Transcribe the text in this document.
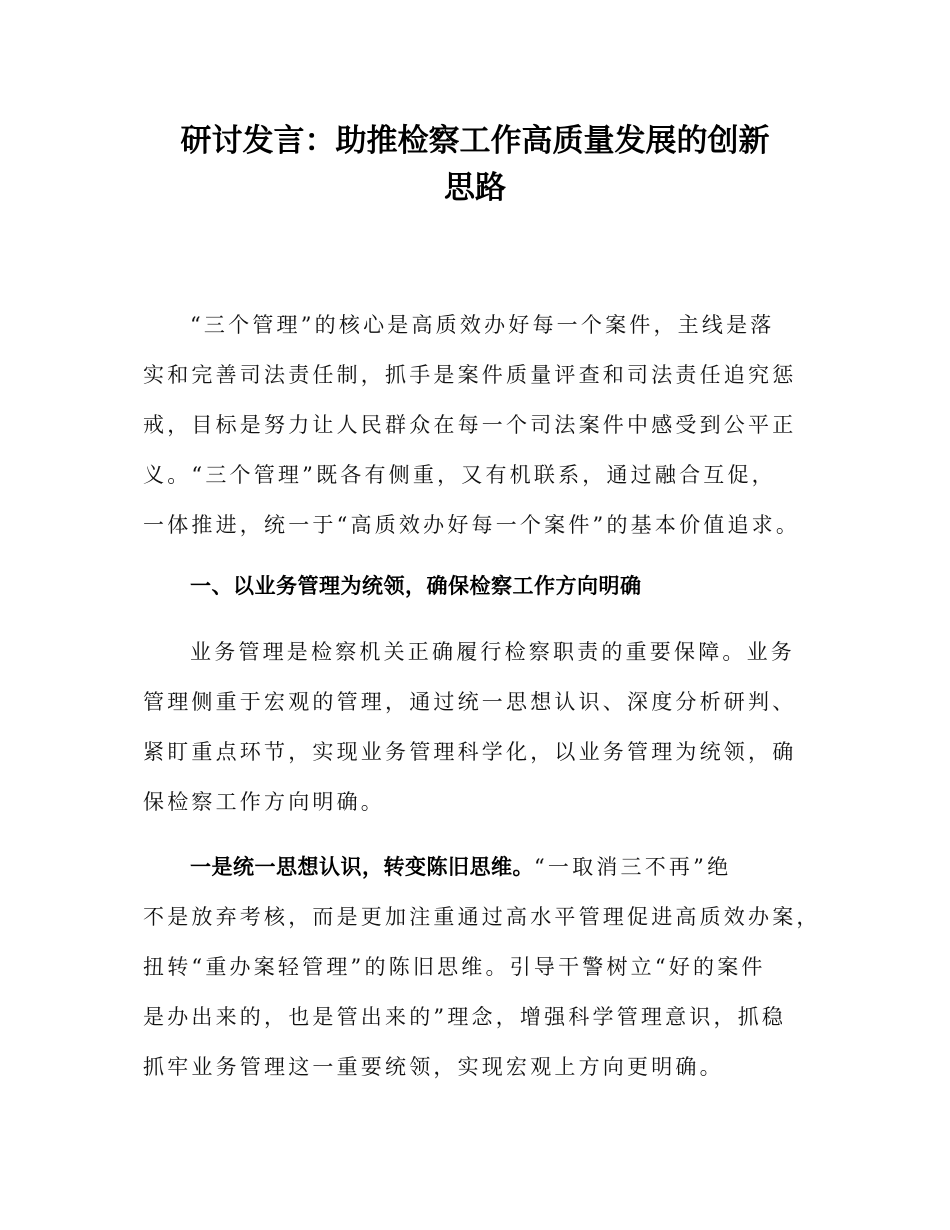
研讨发言：助推检察工作高质量发展的创新
思路

“三个管理”的核心是高质效办好每一个案件，主线是落

实和完善司法责任制，抓手是案件质量评查和司法责任追究惩

戒，目标是努力让人民群众在每一个司法案件中感受到公平正

义。“三个管理”既各有侧重，又有机联系，通过融合互促，

一体推进，统一于“高质效办好每一个案件”的基本价值追求。

一、以业务管理为统领，确保检察工作方向明确

业务管理是检察机关正确履行检察职责的重要保障。业务

管理侧重于宏观的管理，通过统一思想认识、深度分析研判、

紧盯重点环节，实现业务管理科学化，以业务管理为统领，确

保检察工作方向明确。

一是统一思想认识，转变陈旧思维。“一取消三不再”绝

不是放弃考核，而是更加注重通过高水平管理促进高质效办案，

扭转“重办案轻管理”的陈旧思维。引导干警树立“好的案件

是办出来的，也是管出来的”理念，增强科学管理意识，抓稳

抓牢业务管理这一重要统领，实现宏观上方向更明确。
